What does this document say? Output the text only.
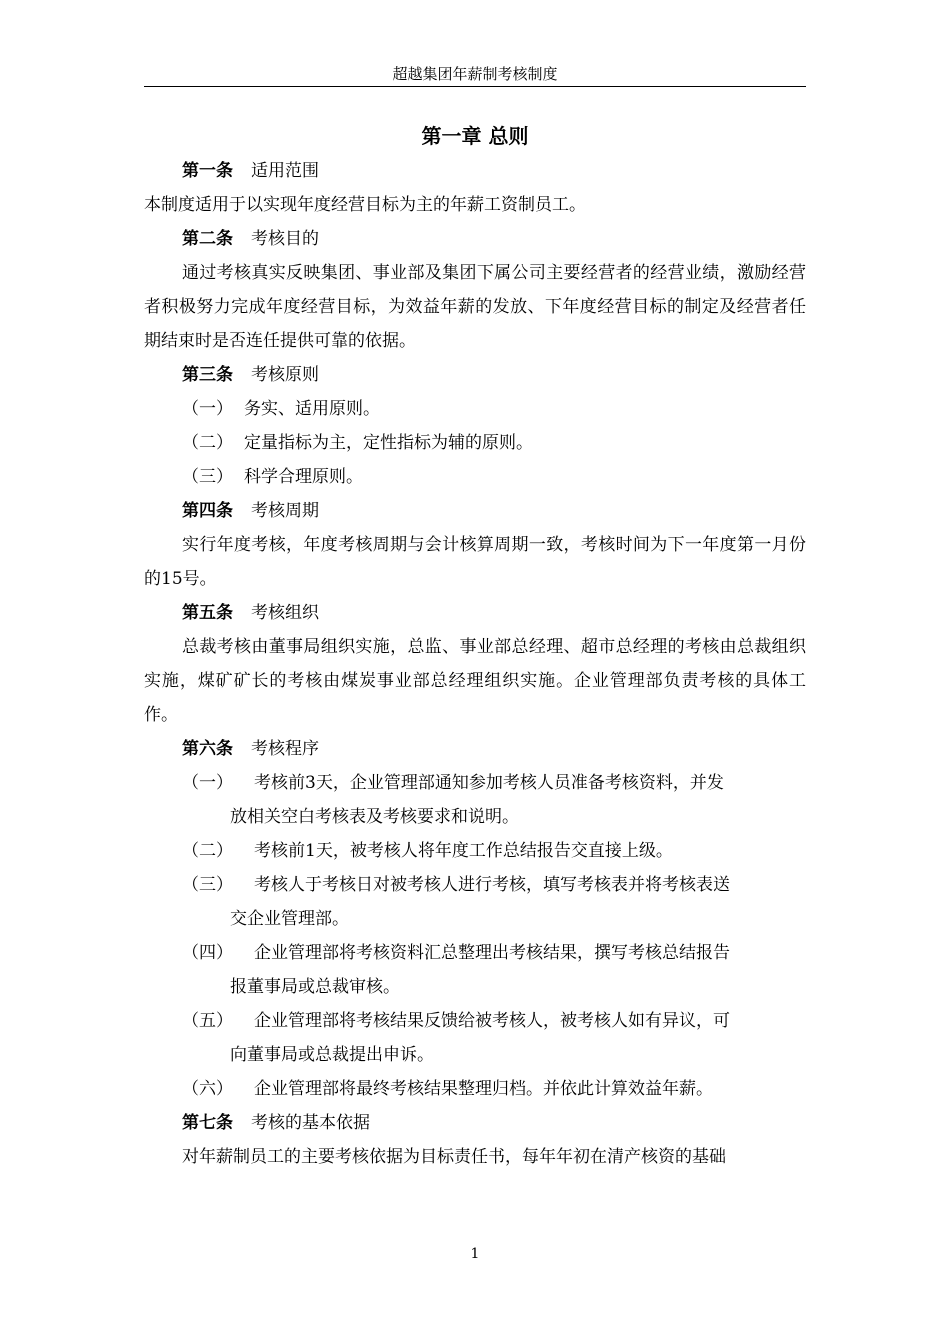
超越集团年薪制考核制度

第一章 总则

第一条 适用范围

本制度适用于以实现年度经营目标为主的年薪工资制员工。

第二条 考核目的

通过考核真实反映集团、事业部及集团下属公司主要经营者的经营业绩，激励经营者积极努力完成年度经营目标，为效益年薪的发放、下年度经营目标的制定及经营者任期结束时是否连任提供可靠的依据。

第三条 考核原则

（一） 务实、适用原则。
（二） 定量指标为主，定性指标为辅的原则。
（三） 科学合理原则。

第四条 考核周期

实行年度考核，年度考核周期与会计核算周期一致，考核时间为下一年度第一月份的15号。

第五条 考核组织

总裁考核由董事局组织实施，总监、事业部总经理、超市总经理的考核由总裁组织实施，煤矿矿长的考核由煤炭事业部总经理组织实施。企业管理部负责考核的具体工作。

第六条 考核程序

（一）	考核前3天，企业管理部通知参加考核人员准备考核资料，并发
放相关空白考核表及考核要求和说明。
（二）	考核前1天，被考核人将年度工作总结报告交直接上级。
（三）	考核人于考核日对被考核人进行考核，填写考核表并将考核表送
交企业管理部。
（四）	企业管理部将考核资料汇总整理出考核结果，撰写考核总结报告
报董事局或总裁审核。
（五）	企业管理部将考核结果反馈给被考核人，被考核人如有异议，可
向董事局或总裁提出申诉。
（六）	企业管理部将最终考核结果整理归档。并依此计算效益年薪。

第七条 考核的基本依据

对年薪制员工的主要考核依据为目标责任书，每年年初在清产核资的基础

1
